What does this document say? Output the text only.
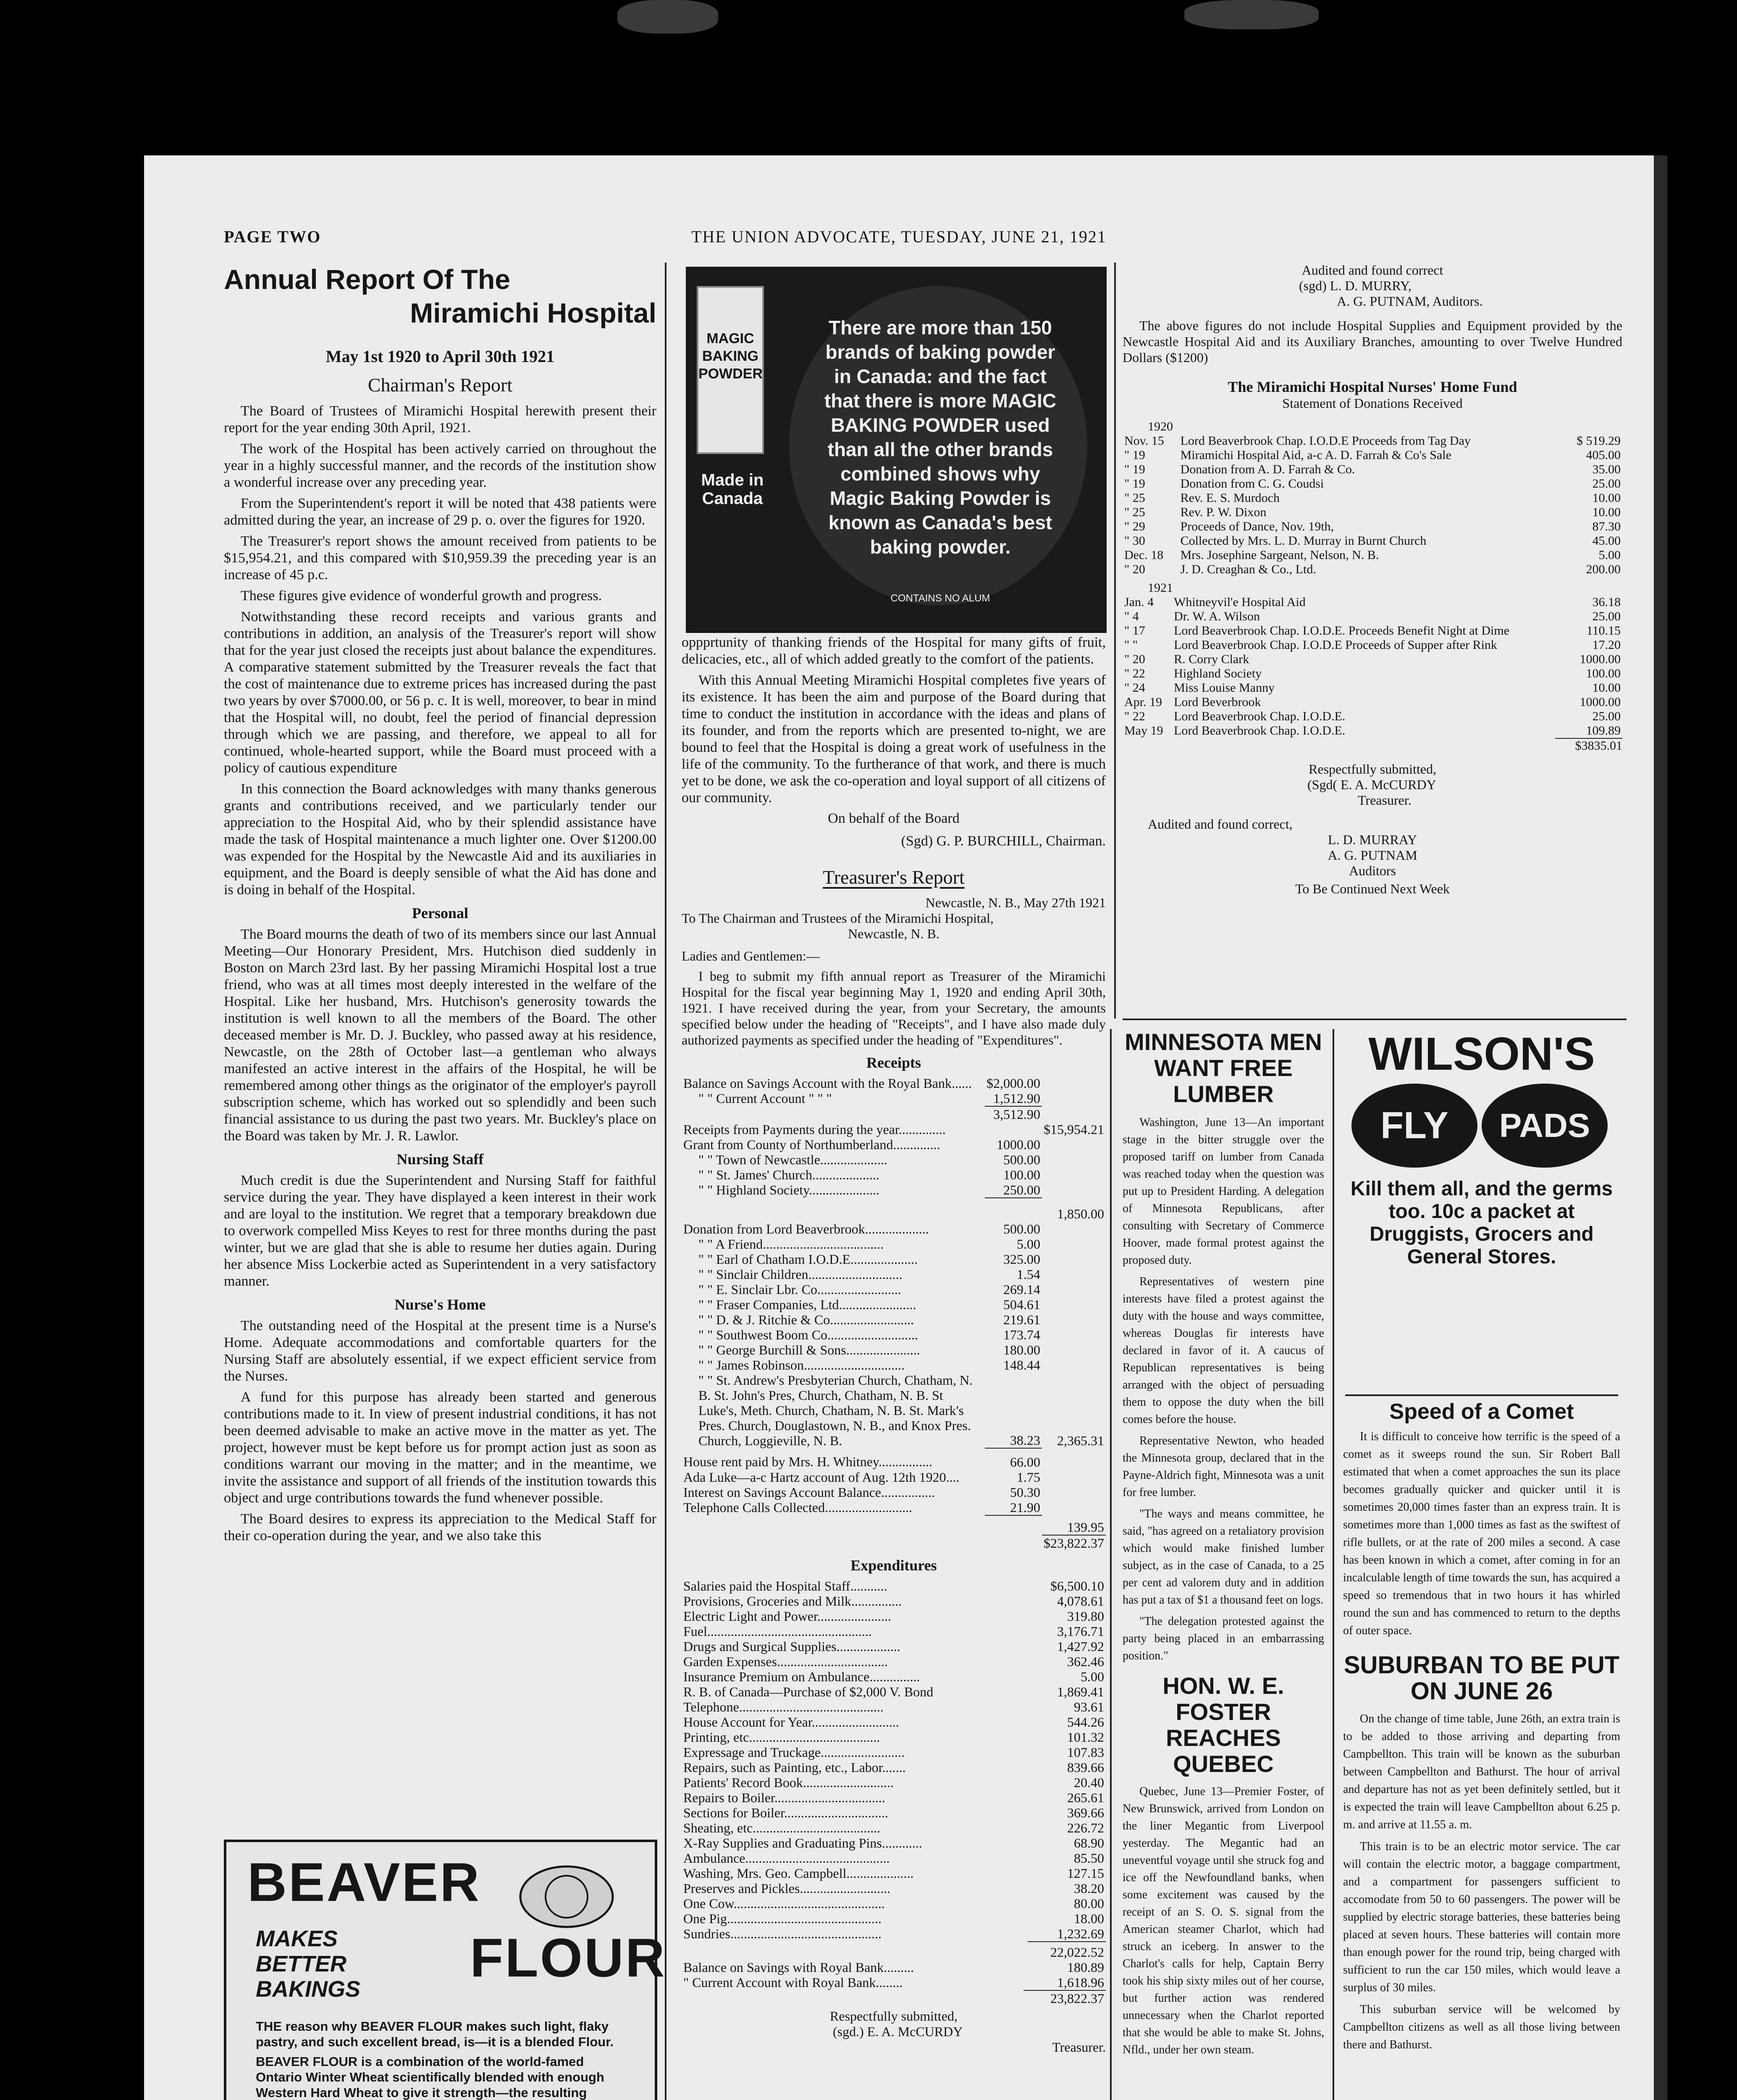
PAGE TWO	THE UNION ADVOCATE, TUESDAY, JUNE 21, 1921
Annual Report Of The
Miramichi Hospital
May 1st 1920 to April 30th 1921
Chairman's Report

The Board of Trustees of Miramichi Hospital herewith present their report for the year ending 30th April, 1921.

The work of the Hospital has been actively carried on throughout the year in a highly successful manner, and the records of the institution show a wonderful increase over any preceding year.

From the Superintendent's report it will be noted that 438 patients were admitted during the year, an increase of 29 p. o. over the figures for 1920.

The Treasurer's report shows the amount received from patients to be $15,954.21, and this compared with $10,959.39 the preceding year is an increase of 45 p.c.

These figures give evidence of wonderful growth and progress.

Notwithstanding these record receipts and various grants and contributions in addition, an analysis of the Treasurer's report will show that for the year just closed the receipts just about balance the expenditures. A comparative statement submitted by the Treasurer reveals the fact that the cost of maintenance due to extreme prices has increased during the past two years by over $7000.00, or 56 p. c. It is well, moreover, to bear in mind that the Hospital will, no doubt, feel the period of financial depression through which we are passing, and therefore, we appeal to all for continued, whole-hearted support, while the Board must proceed with a policy of cautious expenditure

In this connection the Board acknowledges with many thanks generous grants and contributions received, and we particularly tender our appreciation to the Hospital Aid, who by their splendid assistance have made the task of Hospital maintenance a much lighter one. Over $1200.00 was expended for the Hospital by the Newcastle Aid and its auxiliaries in equipment, and the Board is deeply sensible of what the Aid has done and is doing in behalf of the Hospital.

Personal

The Board mourns the death of two of its members since our last Annual Meeting—Our Honorary President, Mrs. Hutchison died suddenly in Boston on March 23rd last. By her passing Miramichi Hospital lost a true friend, who was at all times most deeply interested in the welfare of the Hospital. Like her husband, Mrs. Hutchison's generosity towards the institution is well known to all the members of the Board. The other deceased member is Mr. D. J. Buckley, who passed away at his residence, Newcastle, on the 28th of October last—a gentleman who always manifested an active interest in the affairs of the Hospital, he will be remembered among other things as the originator of the employer's payroll subscription scheme, which has worked out so splendidly and been such financial assistance to us during the past two years. Mr. Buckley's place on the Board was taken by Mr. J. R. Lawlor.

Nursing Staff

Much credit is due the Superintendent and Nursing Staff for faithful service during the year. They have displayed a keen interest in their work and are loyal to the institution. We regret that a temporary breakdown due to overwork compelled Miss Keyes to rest for three months during the past winter, but we are glad that she is able to resume her duties again. During her absence Miss Lockerbie acted as Superintendent in a very satisfactory manner.

Nurse's Home

The outstanding need of the Hospital at the present time is a Nurse's Home. Adequate accommodations and comfortable quarters for the Nursing Staff are absolutely essential, if we expect efficient service from the Nurses.

A fund for this purpose has already been started and generous contributions made to it. In view of present industrial conditions, it has not been deemed advisable to make an active move in the matter as yet. The project, however must be kept before us for prompt action just as soon as conditions warrant our moving in the matter; and in the meantime, we invite the assistance and support of all friends of the institution towards this object and urge contributions towards the fund whenever possible.

The Board desires to express its appreciation to the Medical Staff for their co-operation during the year, and we also take this

BEAVER
FLOUR
MAKES
BETTER
BAKINGS
THE reason why BEAVER FLOUR makes such light, flaky pastry, and such excellent bread, is—it is a blended Flour.
BEAVER FLOUR is a combination of the world-famed Ontario Winter Wheat scientifically blended with enough Western Hard Wheat to give it strength—the resulting
MAGIC BAKING POWDER
Made in Canada
There are more than 150 brands of baking powder in Canada: and the fact that there is more MAGIC BAKING POWDER used than all the other brands combined shows why Magic Baking Powder is known as Canada's best baking powder.
CONTAINS NO ALUM

oppprtunity of thanking friends of the Hospital for many gifts of fruit, delicacies, etc., all of which added greatly to the comfort of the patients.

With this Annual Meeting Miramichi Hospital completes five years of its existence. It has been the aim and purpose of the Board during that time to conduct the institution in accordance with the ideas and plans of its founder, and from the reports which are presented to-night, we are bound to feel that the Hospital is doing a great work of usefulness in the life of the community. To the furtherance of that work, and there is much yet to be done, we ask the co-operation and loyal support of all citizens of our community.

On behalf of the Board
(Sgd) G. P. BURCHILL, Chairman.
Treasurer's Report
Newcastle, N. B., May 27th 1921
To The Chairman and Trustees of the Miramichi Hospital,
Newcastle, N. B.
Ladies and Gentlemen:—

I beg to submit my fifth annual report as Treasurer of the Miramichi Hospital for the fiscal year beginning May 1, 1920 and ending April 30th, 1921. I have received during the year, from your Secretary, the amounts specified below under the heading of "Receipts", and I have also made duly authorized payments as specified under the heading of "Expenditures".

Receipts
Balance on Savings Account with the Royal Bank......	$2,000.00	
" " Current Account " " "	1,512.90	
	3,512.90	
Receipts from Payments during the year..............		$15,954.21
Grant from County of Northumberland..............	1000.00	
" " Town of Newcastle....................	500.00	
" " St. James' Church....................	100.00	
" " Highland Society.....................	250.00	
		1,850.00
Donation from Lord Beaverbrook...................	500.00	
" " A Friend....................................	5.00	
" " Earl of Chatham I.O.D.E....................	325.00	
" " Sinclair Children............................	1.54	
" " E. Sinclair Lbr. Co.........................	269.14	
" " Fraser Companies, Ltd.......................	504.61	
" " D. & J. Ritchie & Co.........................	219.61	
" " Southwest Boom Co...........................	173.74	
" " George Burchill & Sons......................	180.00	
" " James Robinson..............................	148.44	
" " St. Andrew's Presbyterian Church, Chatham, N. B. St. John's Pres, Church, Chatham, N. B. St Luke's, Meth. Church, Chatham, N. B. St. Mark's Pres. Church, Douglastown, N. B., and Knox Pres. Church, Loggieville, N. B.	38.23	2,365.31
House rent paid by Mrs. H. Whitney................	66.00	
Ada Luke—a-c Hartz account of Aug. 12th 1920....	1.75	
Interest on Savings Account Balance................	50.30	
Telephone Calls Collected..........................	21.90	
		139.95
		$23,822.37
Expenditures
Salaries paid the Hospital Staff...........	$6,500.10
Provisions, Groceries and Milk...............	4,078.61
Electric Light and Power......................	319.80
Fuel.................................................	3,176.71
Drugs and Surgical Supplies...................	1,427.92
Garden Expenses.................................	362.46
Insurance Premium on Ambulance...............	5.00
R. B. of Canada—Purchase of $2,000 V. Bond	1,869.41
Telephone...........................................	93.61
House Account for Year..........................	544.26
Printing, etc.......................................	101.32
Expressage and Truckage.........................	107.83
Repairs, such as Painting, etc., Labor.......	839.66
Patients' Record Book...........................	20.40
Repairs to Boiler.................................	265.61
Sections for Boiler...............................	369.66
Sheating, etc......................................	226.72
X-Ray Supplies and Graduating Pins............	68.90
Ambulance...........................................	85.50
Washing, Mrs. Geo. Campbell....................	127.15
Preserves and Pickles...........................	38.20
One Cow.............................................	80.00
One Pig..............................................	18.00
Sundries.............................................	1,232.69
		22,022.52
Balance on Savings with Royal Bank.........		180.89
" Current Account with Royal Bank........		1,618.96
		23,822.37
Respectfully submitted,
(sgd.) E. A. McCURDY
Treasurer.
Audited and found correct
(sgd) L. D. MURRY,
A. G. PUTNAM, Auditors.

The above figures do not include Hospital Supplies and Equipment provided by the Newcastle Hospital Aid and its Auxiliary Branches, amounting to over Twelve Hundred Dollars ($1200)

The Miramichi Hospital Nurses' Home Fund
Statement of Donations Received
1920
Nov. 15	Lord Beaverbrook Chap. I.O.D.E Proceeds from Tag Day	$ 519.29
" 19	Miramichi Hospital Aid, a-c A. D. Farrah & Co's Sale	405.00
" 19	Donation from A. D. Farrah & Co.	35.00
" 19	Donation from C. G. Coudsi	25.00
" 25	Rev. E. S. Murdoch	10.00
" 25	Rev. P. W. Dixon	10.00
" 29	Proceeds of Dance, Nov. 19th,	87.30
" 30	Collected by Mrs. L. D. Murray in Burnt Church	45.00
Dec. 18	Mrs. Josephine Sargeant, Nelson, N. B.	5.00
" 20	J. D. Creaghan & Co., Ltd.	200.00
1921
Jan. 4	Whitneyvil'e Hospital Aid	36.18
" 4	Dr. W. A. Wilson	25.00
" 17	Lord Beaverbrook Chap. I.O.D.E. Proceeds Benefit Night at Dime	110.15
" "	Lord Beaverbrook Chap. I.O.D.E Proceeds of Supper after Rink	17.20
" 20	R. Corry Clark	1000.00
" 22	Highland Society	100.00
" 24	Miss Louise Manny	10.00
Apr. 19	Lord Beverbrook	1000.00
" 22	Lord Beaverbrook Chap. I.O.D.E.	25.00
May 19	Lord Beaverbrook Chap. I.O.D.E.	109.89
$3835.01
Respectfully submitted,
(Sgd( E. A. McCURDY
Treasurer.
Audited and found correct,
L. D. MURRAY
A. G. PUTNAM
Auditors
To Be Continued Next Week
MINNESOTA MEN WANT FREE LUMBER

Washington, June 13—An important stage in the bitter struggle over the proposed tariff on lumber from Canada was reached today when the question was put up to President Harding. A delegation of Minnesota Republicans, after consulting with Secretary of Commerce Hoover, made formal protest against the proposed duty.

Representatives of western pine interests have filed a protest against the duty with the house and ways committee, whereas Douglas fir interests have declared in favor of it. A caucus of Republican representatives is being arranged with the object of persuading them to oppose the duty when the bill comes before the house.

Representative Newton, who headed the Minnesota group, declared that in the Payne-Aldrich fight, Minnesota was a unit for free lumber.

"The ways and means committee, he said, "has agreed on a retaliatory provision which would make finished lumber subject, as in the case of Canada, to a 25 per cent ad valorem duty and in addition has put a tax of $1 a thousand feet on logs.

"The delegation protested against the party being placed in an embarrassing position."

HON. W. E. FOSTER REACHES QUEBEC

Quebec, June 13—Premier Foster, of New Brunswick, arrived from London on the liner Megantic from Liverpool yesterday. The Megantic had an uneventful voyage until she struck fog and ice off the Newfoundland banks, when some excitement was caused by the receipt of an S. O. S. signal from the American steamer Charlot, which had struck an iceberg. In answer to the Charlot's calls for help, Captain Berry took his ship sixty miles out of her course, but further action was rendered unnecessary when the Charlot reported that she would be able to make St. Johns, Nfld., under her own steam.

WILSON'S
FLY	PADS
Kill them all, and the germs too. 10c a packet at Druggists, Grocers and General Stores.
Speed of a Comet

It is difficult to conceive how terrific is the speed of a comet as it sweeps round the sun. Sir Robert Ball estimated that when a comet approaches the sun its place becomes gradually quicker and quicker until it is sometimes 20,000 times faster than an express train. It is sometimes more than 1,000 times as fast as the swiftest of rifle bullets, or at the rate of 200 miles a second. A case has been known in which a comet, after coming in for an incalculable length of time towards the sun, has acquired a speed so tremendous that in two hours it has whirled round the sun and has commenced to return to the depths of outer space.

SUBURBAN TO BE PUT ON JUNE 26

On the change of time table, June 26th, an extra train is to be added to those arriving and departing from Campbellton. This train will be known as the suburban between Campbellton and Bathurst. The hour of arrival and departure has not as yet been definitely settled, but it is expected the train will leave Campbellton about 6.25 p. m. and arrive at 11.55 a. m.

This train is to be an electric motor service. The car will contain the electric motor, a baggage compartment, and a compartment for passengers sufficient to accomodate from 50 to 60 passengers. The power will be supplied by electric storage batteries, these batteries being placed at seven hours. These batteries will contain more than enough power for the round trip, being charged with sufficient to run the car 150 miles, which would leave a surplus of 30 miles.

This suburban service will be welcomed by Campbellton citizens as well as all those living between there and Bathurst.
